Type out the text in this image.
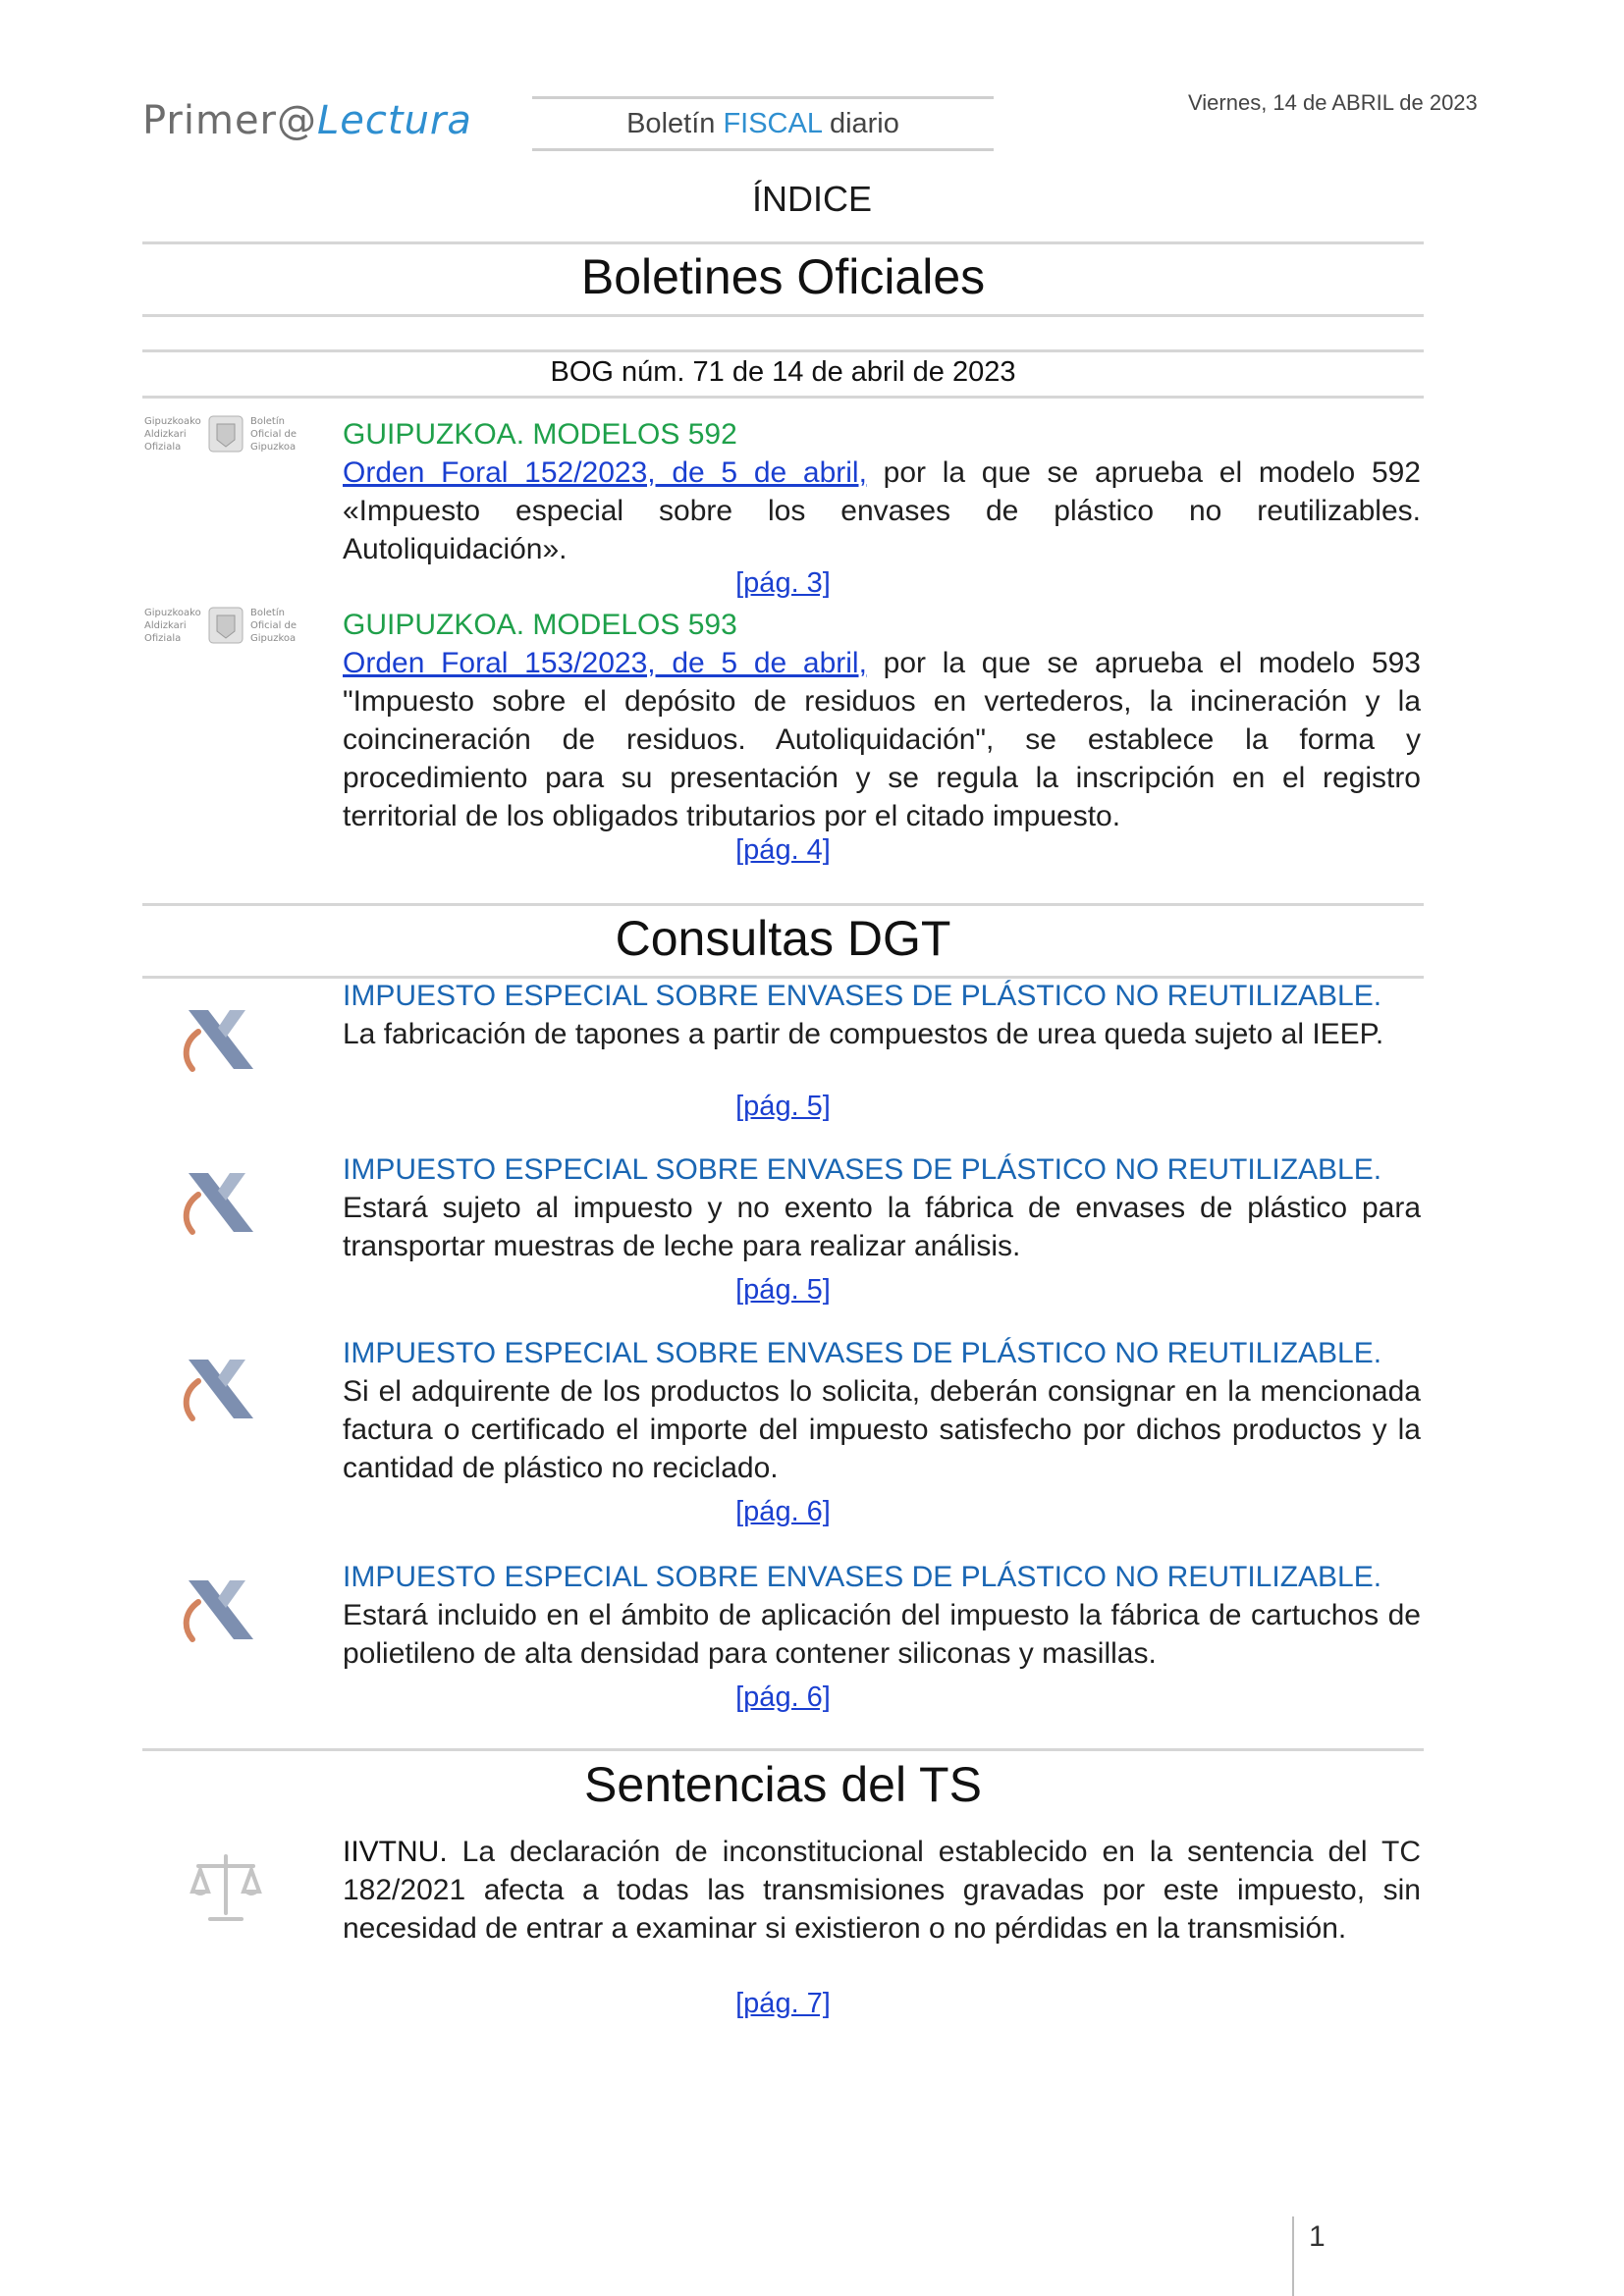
Primer@Lectura	Boletín FISCAL diario
Viernes, 14 de ABRIL de 2023
ÍNDICE
Boletines Oficiales
BOG núm. 71 de 14 de abril de 2023
Gipuzkoako
Aldizkari
Ofiziala
Boletín
Oficial de
Gipuzkoa GUIPUZKOA. MODELOS 592
Orden Foral 152/2023, de 5 de abril, por la que se aprueba el modelo 592 «Impuesto especial sobre los envases de plástico no reutilizables. Autoliquidación».
[pág. 3]
Gipuzkoako
Aldizkari
Ofiziala
Boletín
Oficial de
Gipuzkoa GUIPUZKOA. MODELOS 593
Orden Foral 153/2023, de 5 de abril, por la que se aprueba el modelo 593 "Impuesto sobre el depósito de residuos en vertederos, la incineración y la coincineración de residuos. Autoliquidación", se establece la forma y procedimiento para su presentación y se regula la inscripción en el registro territorial de los obligados tributarios por el citado impuesto.
[pág. 4]
Consultas DGT
IMPUESTO ESPECIAL SOBRE ENVASES DE PLÁSTICO NO REUTILIZABLE.
La fabricación de tapones a partir de compuestos de urea queda sujeto al IEEP.
[pág. 5]
IMPUESTO ESPECIAL SOBRE ENVASES DE PLÁSTICO NO REUTILIZABLE.
Estará sujeto al impuesto y no exento la fábrica de envases de plástico para transportar muestras de leche para realizar análisis.
[pág. 5]
IMPUESTO ESPECIAL SOBRE ENVASES DE PLÁSTICO NO REUTILIZABLE.
Si el adquirente de los productos lo solicita, deberán consignar en la mencionada factura o certificado el importe del impuesto satisfecho por dichos productos y la cantidad de plástico no reciclado.
[pág. 6]
IMPUESTO ESPECIAL SOBRE ENVASES DE PLÁSTICO NO REUTILIZABLE.
Estará incluido en el ámbito de aplicación del impuesto la fábrica de cartuchos de polietileno de alta densidad para contener siliconas y masillas.
[pág. 6]
Sentencias del TS
IIVTNU. La declaración de inconstitucional establecido en la sentencia del TC 182/2021 afecta a todas las transmisiones gravadas por este impuesto, sin necesidad de entrar a examinar si existieron o no pérdidas en la transmisión.
[pág. 7]
1
